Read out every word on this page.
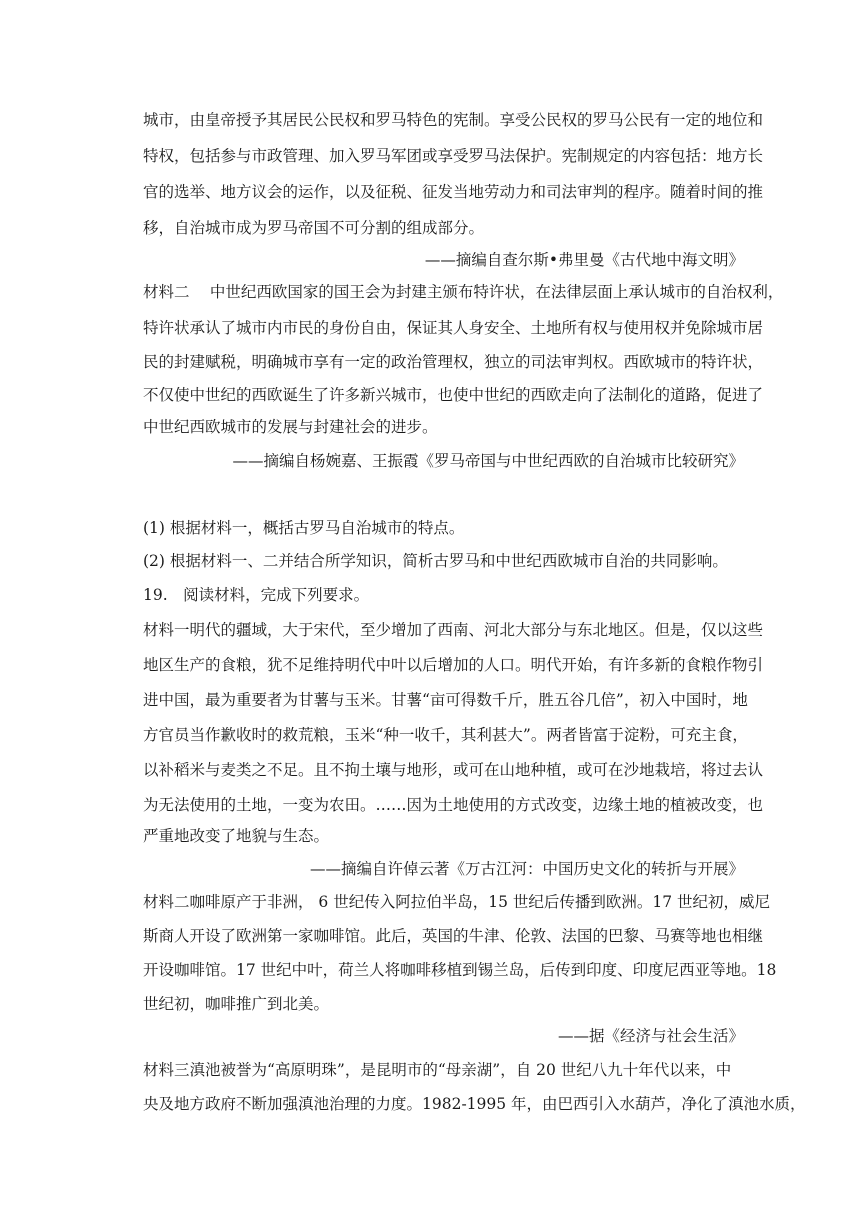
城市，由皇帝授予其居民公民权和罗马特色的宪制。享受公民权的罗马公民有一定的地位和
特权，包括参与市政管理、加入罗马军团或享受罗马法保护。宪制规定的内容包括：地方长
官的选举、地方议会的运作，以及征税、征发当地劳动力和司法审判的程序。随着时间的推
移，自治城市成为罗马帝国不可分割的组成部分。
——摘编自查尔斯•弗里曼《古代地中海文明》
材料二　 中世纪西欧国家的国王会为封建主颁布特许状，在法律层面上承认城市的自治权利，
特许状承认了城市内市民的身份自由，保证其人身安全、土地所有权与使用权并免除城市居
民的封建赋税，明确城市享有一定的政治管理权，独立的司法审判权。西欧城市的特许状，
不仅使中世纪的西欧诞生了许多新兴城市，也使中世纪的西欧走向了法制化的道路，促进了
中世纪西欧城市的发展与封建社会的进步。
——摘编自杨婉嘉、王振霞《罗马帝国与中世纪西欧的自治城市比较研究》
(1) 根据材料一，概括古罗马自治城市的特点。
(2) 根据材料一、二并结合所学知识，简析古罗马和中世纪西欧城市自治的共同影响。
19.　阅读材料，完成下列要求。
材料一明代的疆域，大于宋代，至少增加了西南、河北大部分与东北地区。但是，仅以这些
地区生产的食粮，犹不足维持明代中叶以后增加的人口。明代开始，有许多新的食粮作物引
进中国，最为重要者为甘薯与玉米。甘薯“亩可得数千斤，胜五谷几倍”，初入中国时，地
方官员当作歉收时的救荒粮，玉米“种一收千，其利甚大”。两者皆富于淀粉，可充主食，
以补稻米与麦类之不足。且不拘土壤与地形，或可在山地种植，或可在沙地栽培，将过去认
为无法使用的土地，一变为农田。……因为土地使用的方式改变，边缘土地的植被改变，也
严重地改变了地貌与生态。
——摘编自许倬云著《万古江河：中国历史文化的转折与开展》
材料二咖啡原产于非洲， 6 世纪传入阿拉伯半岛，15 世纪后传播到欧洲。17 世纪初，威尼
斯商人开设了欧洲第一家咖啡馆。此后，英国的牛津、伦敦、法国的巴黎、马赛等地也相继
开设咖啡馆。17 世纪中叶，荷兰人将咖啡移植到锡兰岛，后传到印度、印度尼西亚等地。18
世纪初，咖啡推广到北美。
——据《经济与社会生活》
材料三滇池被誉为“高原明珠”，是昆明市的“母亲湖”，自 20 世纪八九十年代以来，中
央及地方政府不断加强滇池治理的力度。1982-1995 年，由巴西引入水葫芦，净化了滇池水质，
